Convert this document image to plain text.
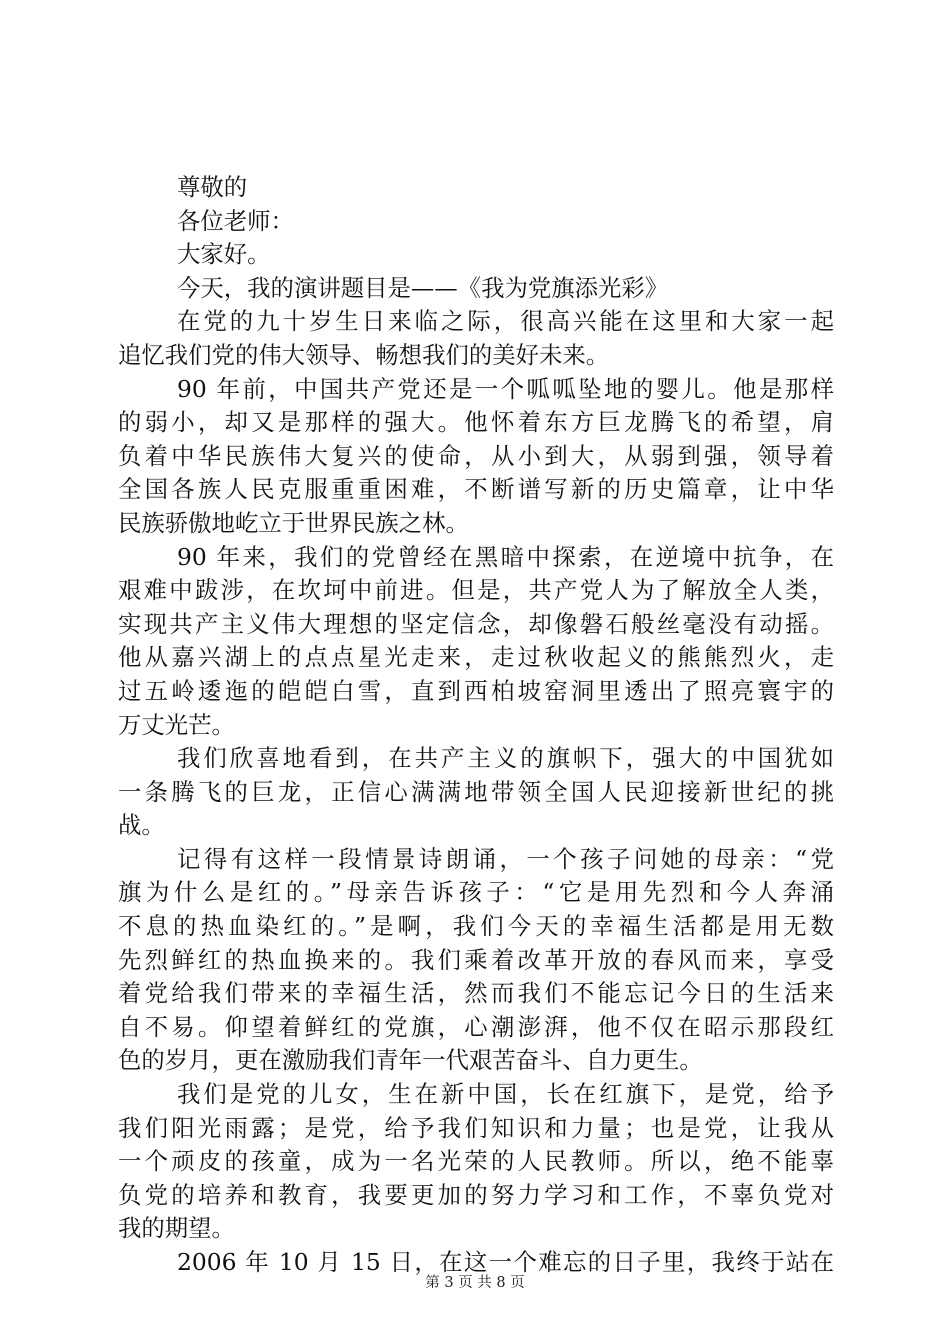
尊敬的
各位老师：
大家好。
今天，我的演讲题目是——《我为党旗添光彩》
在党的九十岁生日来临之际，很高兴能在这里和大家一起
追忆我们党的伟大领导、畅想我们的美好未来。
90 年前，中国共产党还是一个呱呱坠地的婴儿。他是那样
的弱小，却又是那样的强大。他怀着东方巨龙腾飞的希望，肩
负着中华民族伟大复兴的使命，从小到大，从弱到强，领导着
全国各族人民克服重重困难，不断谱写新的历史篇章，让中华
民族骄傲地屹立于世界民族之林。
90 年来，我们的党曾经在黑暗中探索，在逆境中抗争，在
艰难中跋涉，在坎坷中前进。但是，共产党人为了解放全人类，
实现共产主义伟大理想的坚定信念，却像磐石般丝毫没有动摇。
他从嘉兴湖上的点点星光走来，走过秋收起义的熊熊烈火，走
过五岭逶迤的皑皑白雪，直到西柏坡窑洞里透出了照亮寰宇的
万丈光芒。
我们欣喜地看到，在共产主义的旗帜下，强大的中国犹如
一条腾飞的巨龙，正信心满满地带领全国人民迎接新世纪的挑
战。
记得有这样一段情景诗朗诵，一个孩子问她的母亲：“党
旗为什么是红的。”母亲告诉孩子：“它是用先烈和今人奔涌
不息的热血染红的。”是啊，我们今天的幸福生活都是用无数
先烈鲜红的热血换来的。我们乘着改革开放的春风而来，享受
着党给我们带来的幸福生活，然而我们不能忘记今日的生活来
自不易。仰望着鲜红的党旗，心潮澎湃，他不仅在昭示那段红
色的岁月，更在激励我们青年一代艰苦奋斗、自力更生。
我们是党的儿女，生在新中国，长在红旗下，是党，给予
我们阳光雨露；是党，给予我们知识和力量；也是党，让我从
一个顽皮的孩童，成为一名光荣的人民教师。所以，绝不能辜
负党的培养和教育，我要更加的努力学习和工作，不辜负党对
我的期望。
2006 年 10 月 15 日，在这一个难忘的日子里，我终于站在
第 3 页 共 8 页
